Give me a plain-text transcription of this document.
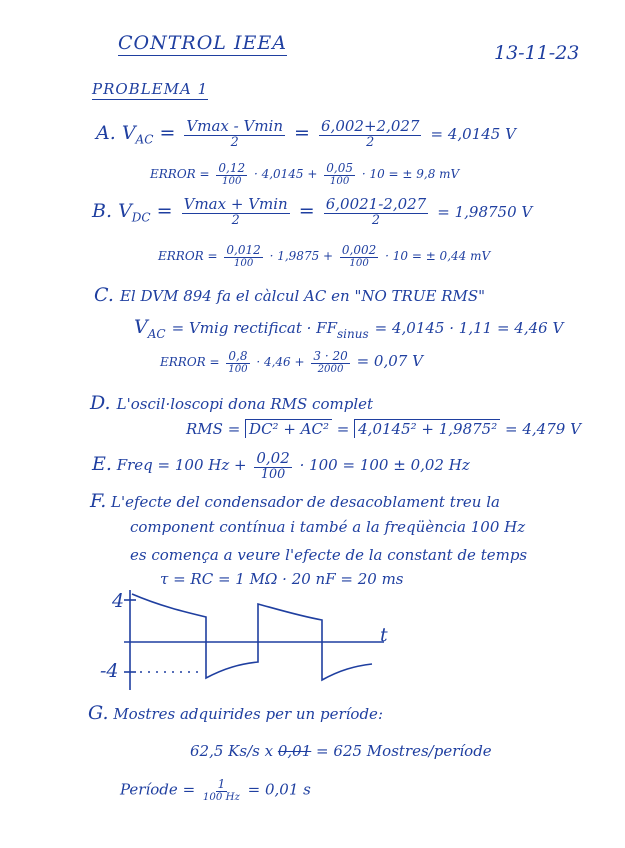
CONTROL IEEA	13-11-23
PROBLEMA 1
A. $V_{AC} = \frac{Vmax - Vmin}{2} = \frac{6,002+2,027}{2} = 4,0145$ V
ERROR = $\frac{0,12}{100} \cdot 4,0145 + \frac{0,05}{100} \cdot 10$ = ± 9,8 mV
B. $V_{DC} = \frac{Vmax + Vmin}{2} = \frac{6,0021-2,027}{2} = 1,98750$ V
ERROR = $\frac{0,012}{100} \cdot 1,9875 + \frac{0,002}{100} \cdot 10$ = ± 0,44 mV
C. El DVM 894 fa el càlcul AC en "NO TRUE RMS"
$V_{AC}$ = Vmig rectificat · $FF_{sinus} = 4,0145 \cdot 1,11 = 4,46$ V
ERROR = $\frac{0,8}{100} \cdot 4,46 + \frac{3 \cdot 20}{2000} = 0,07$ V
D. L'oscil·loscopi dona RMS complet
RMS = DC² + AC² = 4,0145² + 1,9875² = 4,479 V
E. Freq = 100 $Hz + \frac{0,02}{100} \cdot 100 = 100 \pm 0,02$ Hz
F. L'efecte del condensador de desacoblament treu la
component contínua i també a la freqüència 100 Hz
es comença a veure l'efecte de la constant de temps
τ = RC = 1 MΩ · 20 nF = 20 ms
4
-4
t
G. Mostres adquirides per un període:
62,5 Ks/s x 0,01 = 625 Mostres/període
Període = $\frac{1}{100 Hz} = 0,01$ s
